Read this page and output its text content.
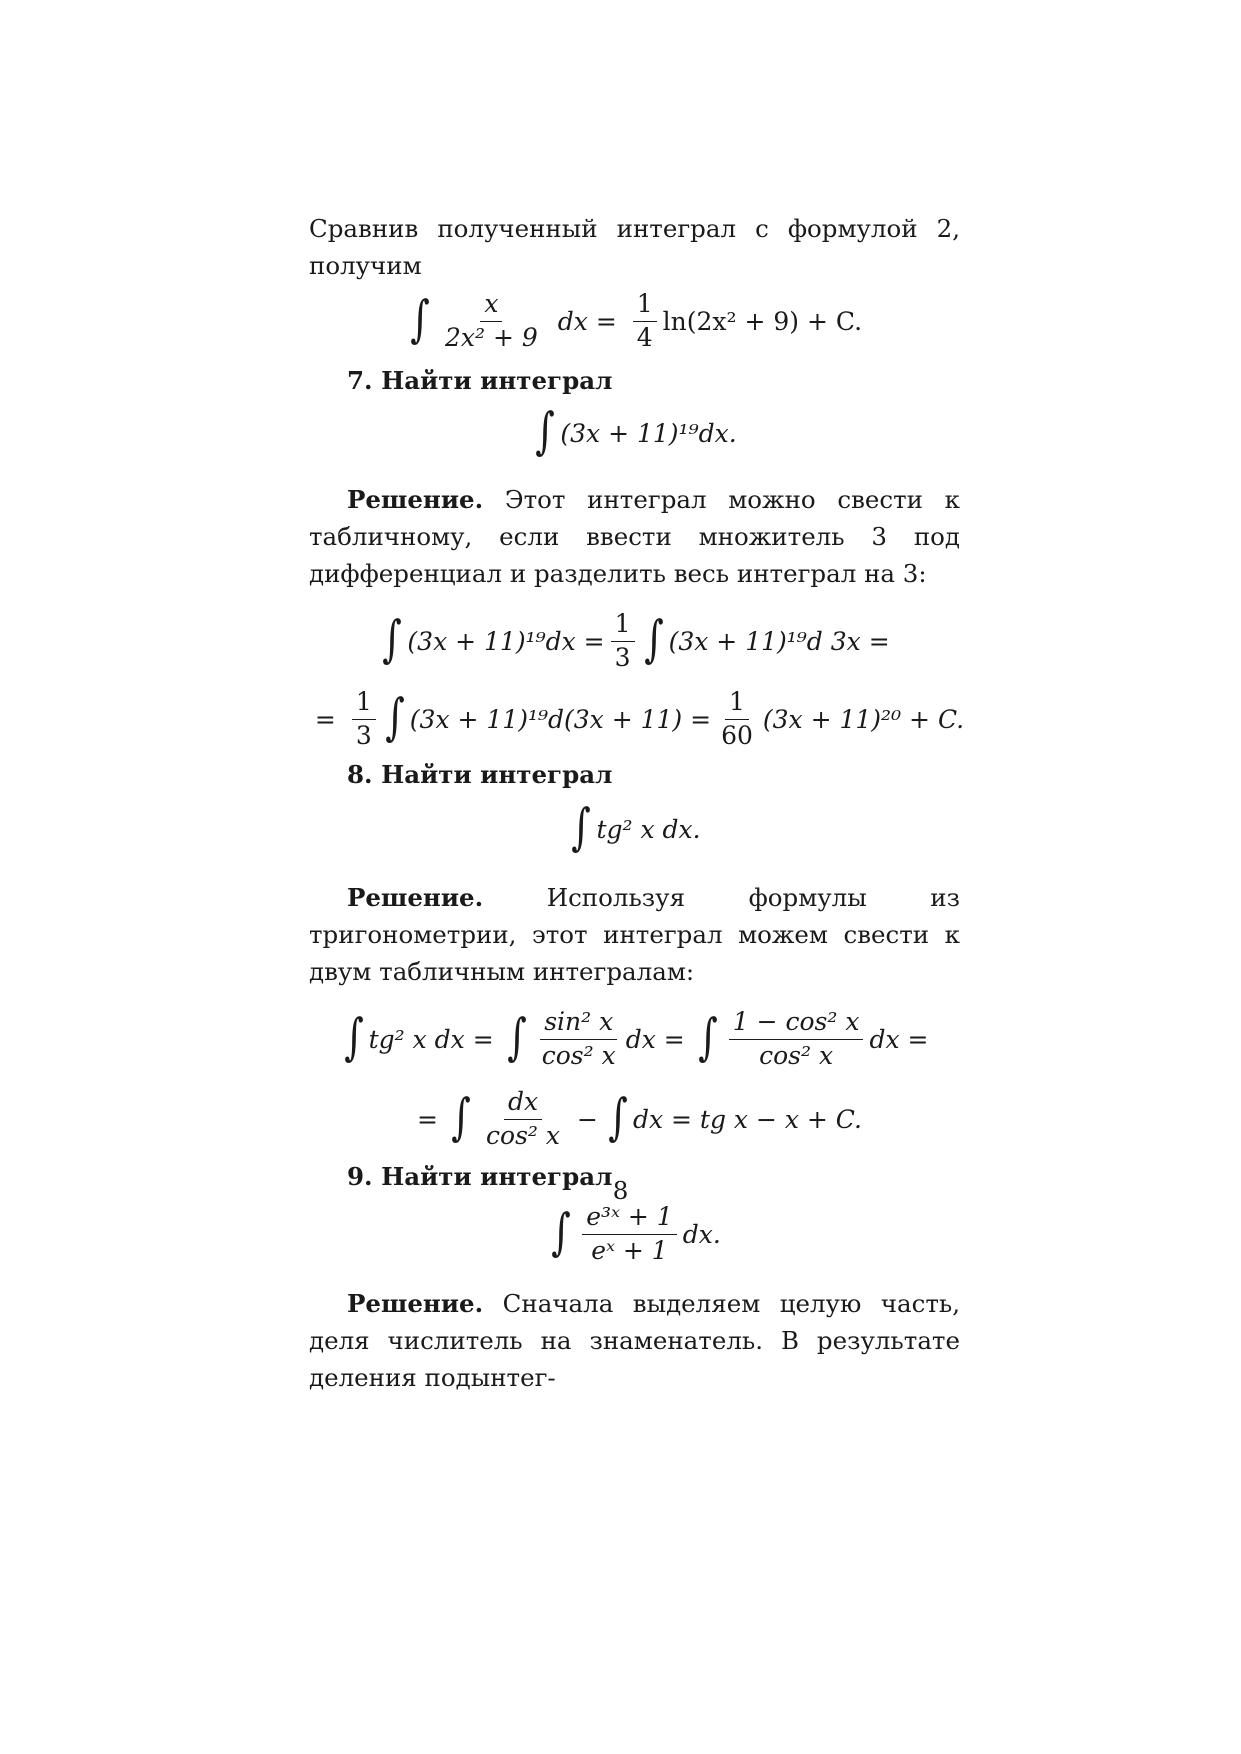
Сравнив полученный интеграл с формулой 2, получим

∫ $\frac{x}{\text{2x² + 9}}$ dx = $\frac{1}{4} \ln(2x^2 + 9) + C$.

7. Найти интеграл

∫ (3x + 11)¹⁹dx.

Решение. Этот интеграл можно свести к табличному, если ввести множитель 3 под дифференциал и разделить весь интеграл на 3:

∫ $(3x + 11)^{19}dx = \frac{1}{3}$ ∫ (3x + 11)¹⁹d 3x =
= $\frac{1}{3}$ ∫ $(3x + 11)^{19}d(3x + 11) = \frac{1}{60} (3x + 11)^{20} + C$.

8. Найти интеграл

∫ tg² x dx.

Решение. Используя формулы из тригонометрии, этот интеграл можем свести к двум табличным интегралам:

∫ tg² x dx = ∫ $\frac{\text{sin² x}}{\text{cos² x}}$ dx = ∫ $\frac{\text{1 − cos² x}}{\text{cos² x}}$ dx =
= ∫ $\frac{dx}{\text{cos² x}}$ − ∫ dx = tg x − x + C.

9. Найти интеграл

∫ $\frac{\text{e³ˣ + 1}}{\text{eˣ + 1}}$ dx.

Решение. Сначала выделяем целую часть, деля числитель на знаменатель. В результате деления подынтег-

8
